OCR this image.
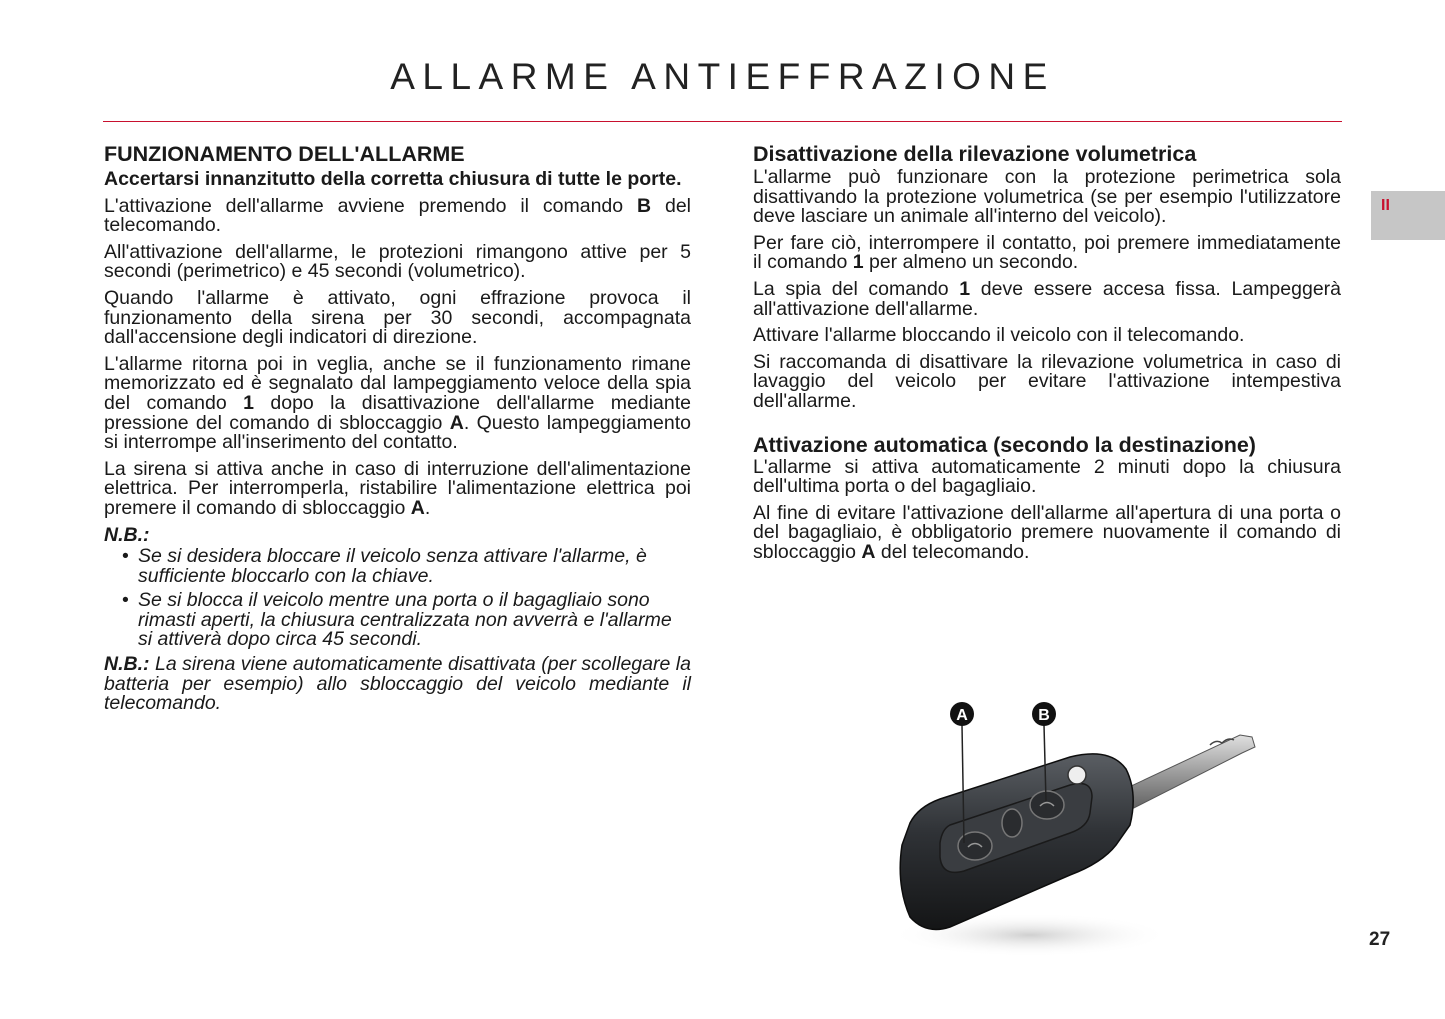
ALLARME ANTIEFFRAZIONE
FUNZIONAMENTO DELL'ALLARME

Accertarsi innanzitutto della corretta chiusura di tutte le porte.

L'attivazione dell'allarme avviene premendo il comando B del telecomando.

All'attivazione dell'allarme, le protezioni rimangono attive per 5 secondi (perimetrico) e 45 secondi (volumetrico).

Quando l'allarme è attivato, ogni effrazione provoca il funzionamento della sirena per 30 secondi, accompagnata dall'accensione degli indicatori di direzione.

L'allarme ritorna poi in veglia, anche se il funzionamento rimane memorizzato ed è segnalato dal lampeggiamento veloce della spia del comando 1 dopo la disattivazione dell'allarme mediante pressione del comando di sbloccaggio A. Questo lampeggiamento si interrompe all'inserimento del contatto.

La sirena si attiva anche in caso di interruzione dell'alimentazione elettrica. Per interromperla, ristabilire l'alimentazione elettrica poi premere il comando di sbloccaggio A.

N.B.:

• Se si desidera bloccare il veicolo senza attivare l'allarme, è sufficiente bloccarlo con la chiave.
• Se si blocca il veicolo mentre una porta o il bagagliaio sono rimasti aperti, la chiusura centralizzata non avverrà e l'allarme si attiverà dopo circa 45 secondi.

N.B.: La sirena viene automaticamente disattivata (per scollegare la batteria per esempio) allo sbloccaggio del veicolo mediante il telecomando.

Disattivazione della rilevazione volumetrica

L'allarme può funzionare con la protezione perimetrica sola disattivando la protezione volumetrica (se per esempio l'utilizzatore deve lasciare un animale all'interno del veicolo).

Per fare ciò, interrompere il contatto, poi premere immediatamente il comando 1 per almeno un secondo.

La spia del comando 1 deve essere accesa fissa. Lampeggerà all'attivazione dell'allarme.

Attivare l'allarme bloccando il veicolo con il telecomando.

Si raccomanda di disattivare la rilevazione volumetrica in caso di lavaggio del veicolo per evitare l'attivazione intempestiva dell'allarme.

Attivazione automatica (secondo la destinazione)

L'allarme si attiva automaticamente 2 minuti dopo la chiusura dell'ultima porta o del bagagliaio.

Al fine di evitare l'attivazione dell'allarme all'apertura di una porta o del bagagliaio, è obbligatorio premere nuovamente il comando di sbloccaggio A del telecomando.

II
A	B
27
